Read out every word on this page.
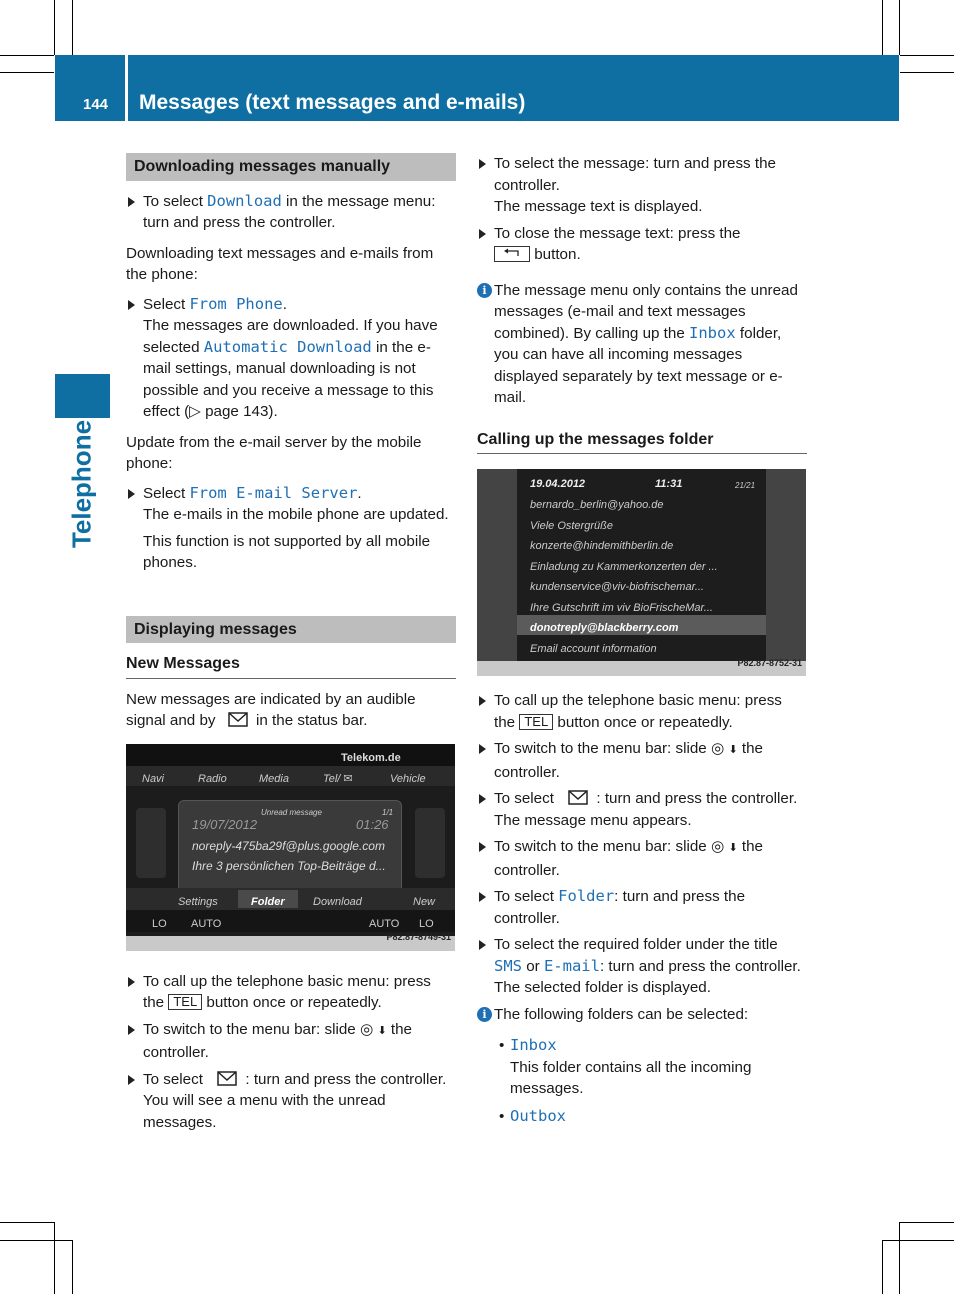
144 Messages (text messages and e-mails)
Telephone
Downloading messages manually
To select Download in the message menu: turn and press the controller.

Downloading text messages and e-mails from the phone:

Select From Phone.
The messages are downloaded. If you have selected Automatic Download in the e-mail settings, manual downloading is not possible and you receive a message to this effect (▷ page 143).

Update from the e-mail server by the mobile phone:

Select From E-mail Server.
The e-mails in the mobile phone are updated.
This function is not supported by all mobile phones.
Displaying messages
New Messages

New messages are indicated by an audible signal and by	in the status bar.

Telekom.de
Navi	Radio	Media	Tel/ ✉	Vehicle
Unread message	1/1
19/07/2012	01:26
noreply-475ba29f@plus.google.com
Ihre 3 persönlichen Top-Beiträge d...
Settings	Folder	Download	New
LO AUTO	AUTO LO
P82.87-8749-31
To call up the telephone basic menu: press the TEL button once or repeatedly.
To switch to the menu bar: slide ◎ ⬇ the controller.
To select  : turn and press the controller.
You will see a menu with the unread messages.
To select the message: turn and press the controller.
The message text is displayed.
To close the message text: press the
button.
i The message menu only contains the unread messages (e-mail and text messages combined). By calling up the Inbox folder, you can have all incoming messages displayed separately by text message or e-mail.
Calling up the messages folder
19.04.2012	11:31	21/21
bernardo_berlin@yahoo.de
Viele Ostergrüße
konzerte@hindemithberlin.de
Einladung zu Kammerkonzerten der ...
kundenservice@viv-biofrischemar...
Ihre Gutschrift im viv BioFrischeMar...
donotreply@blackberry.com
Email account information
P82.87-8752-31
To call up the telephone basic menu: press the TEL button once or repeatedly.
To switch to the menu bar: slide ◎ ⬇ the controller.
To select  : turn and press the controller.
The message menu appears.
To switch to the menu bar: slide ◎ ⬇ the controller.
To select Folder: turn and press the controller.
To select the required folder under the title SMS or E-mail: turn and press the controller.
The selected folder is displayed.
i The following folders can be selected:
• Inbox
This folder contains all the incoming messages.
• Outbox
